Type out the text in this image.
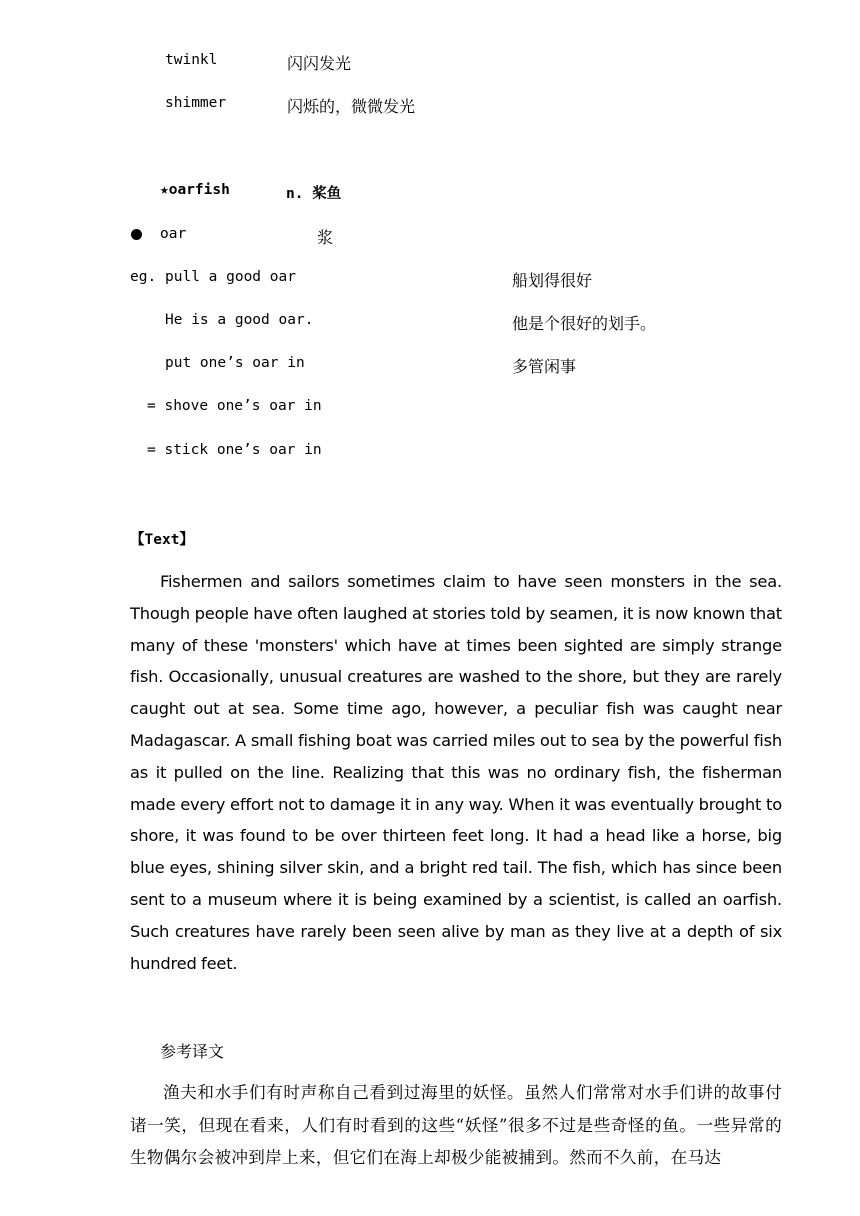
twinkl	闪闪发光
shimmer	闪烁的，微微发光
★oarfish	n. 桨鱼
oar	浆
eg. pull a good oar	船划得很好
He is a good oar.	他是个很好的划手。
put one’s oar in	多管闲事
= shove one’s oar in
= stick one’s oar in
【Text】
Fishermen and sailors sometimes claim to have seen monsters in the sea. Though people have often laughed at stories told by seamen, it is now known that many of these 'monsters' which have at times been sighted are simply strange fish. Occasionally, unusual creatures are washed to the shore, but they are rarely caught out at sea. Some time ago, however, a peculiar fish was caught near Madagascar. A small fishing boat was carried miles out to sea by the powerful fish as it pulled on the line. Realizing that this was no ordinary fish, the fisherman made every effort not to damage it in any way. When it was eventually brought to shore, it was found to be over thirteen feet long. It had a head like a horse, big blue eyes, shining silver skin, and a bright red tail. The fish, which has since been sent to a museum where it is being examined by a scientist, is called an oarfish. Such creatures have rarely been seen alive by man as they live at a depth of six hundred feet.
参考译文
渔夫和水手们有时声称自己看到过海里的妖怪。虽然人们常常对水手们讲的故事付诸一笑，但现在看来，人们有时看到的这些“妖怪”很多不过是些奇怪的鱼。一些异常的生物偶尔会被冲到岸上来，但它们在海上却极少能被捕到。然而不久前，在马达
